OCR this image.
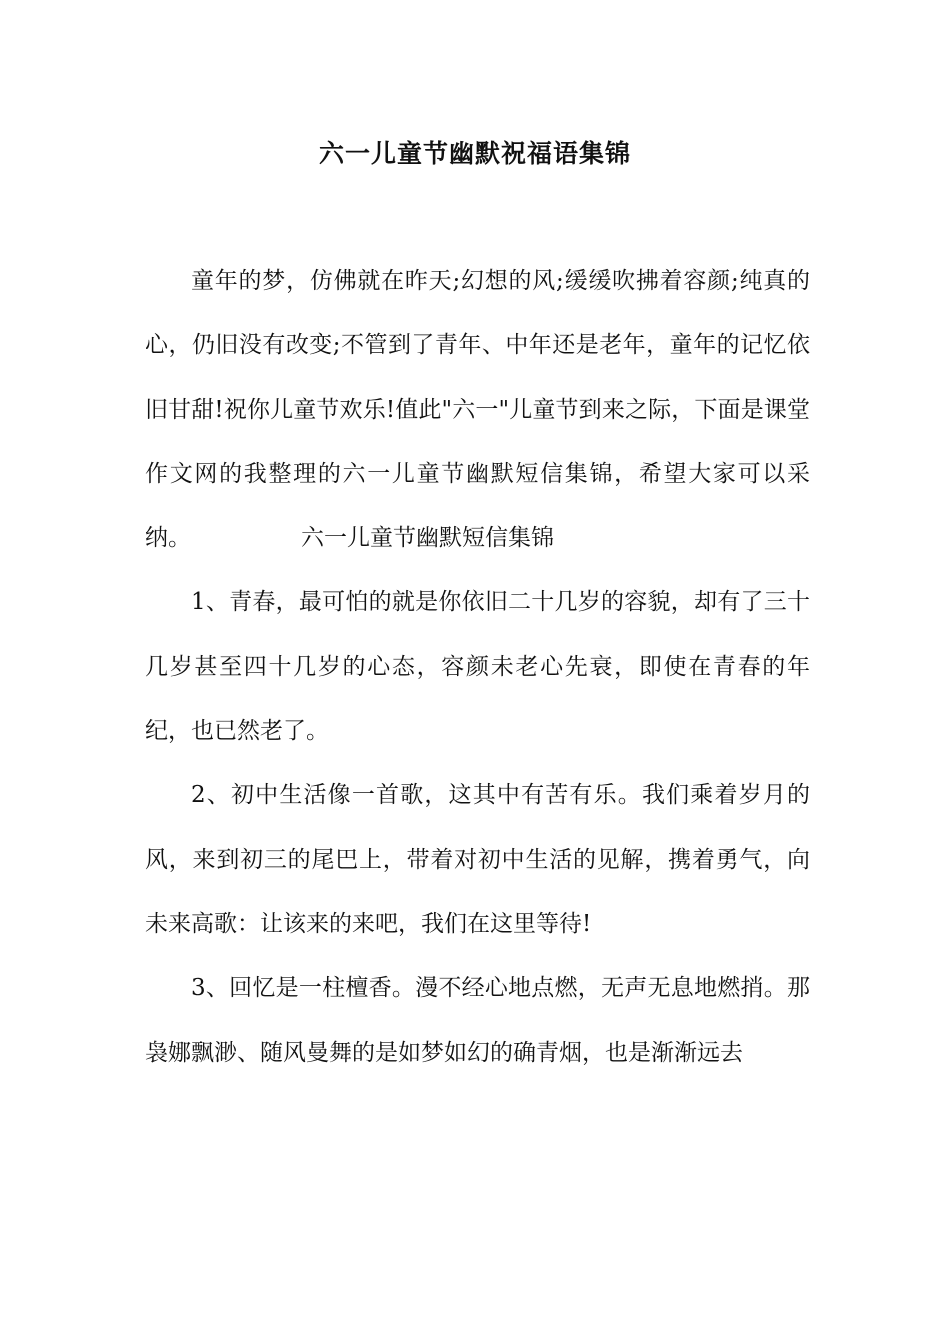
六一儿童节幽默祝福语集锦

童年的梦，仿佛就在昨天;幻想的风;缓缓吹拂着容颜;纯真的心，仍旧没有改变;不管到了青年、中年还是老年，童年的记忆依旧甘甜!祝你儿童节欢乐!值此"六一"儿童节到来之际，下面是课堂作文网的我整理的六一儿童节幽默短信集锦，希望大家可以采纳。	六一儿童节幽默短信集锦

1、青春，最可怕的就是你依旧二十几岁的容貌，却有了三十几岁甚至四十几岁的心态，容颜未老心先衰，即使在青春的年纪，也已然老了。

2、初中生活像一首歌，这其中有苦有乐。我们乘着岁月的风，来到初三的尾巴上，带着对初中生活的见解，携着勇气，向未来高歌：让该来的来吧，我们在这里等待!

3、回忆是一柱檀香。漫不经心地点燃，无声无息地燃捎。那袅娜飘渺、随风曼舞的是如梦如幻的确青烟，也是渐渐远去
